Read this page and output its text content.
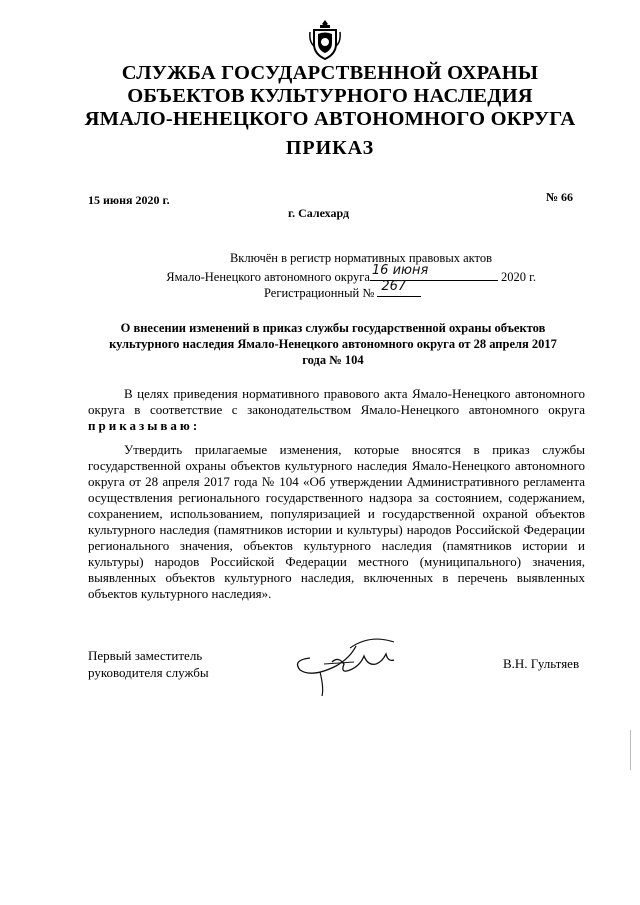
СЛУЖБА ГОСУДАРСТВЕННОЙ ОХРАНЫ
ОБЪЕКТОВ КУЛЬТУРНОГО НАСЛЕДИЯ
ЯМАЛО-НЕНЕЦКОГО АВТОНОМНОГО ОКРУГА
ПРИКАЗ
15 июня 2020 г.	№ 66
г. Салехард
Включён в регистр нормативных правовых актов
Ямало-Ненецкого автономного округа 16 июня	2020 г.
Регистрационный № 267
О внесении изменений в приказ службы государственной охраны объектов
культурного наследия Ямало-Ненецкого автономного округа от 28 апреля 2017
года № 104

В целях приведения нормативного правового акта Ямало-Ненецкого автономного округа в соответствие с законодательством Ямало-Ненецкого автономного округа приказываю:

Утвердить прилагаемые изменения, которые вносятся в приказ службы государственной охраны объектов культурного наследия Ямало-Ненецкого автономного округа от 28 апреля 2017 года № 104 «Об утверждении Административного регламента осуществления регионального государственного надзора за состоянием, содержанием, сохранением, использованием, популяризацией и государственной охраной объектов культурного наследия (памятников истории и культуры) народов Российской Федерации регионального значения, объектов культурного наследия (памятников истории и культуры) народов Российской Федерации местного (муниципального) значения, выявленных объектов культурного наследия, включенных в перечень выявленных объектов культурного наследия».

Первый заместитель
руководителя службы
В.Н. Гультяев
